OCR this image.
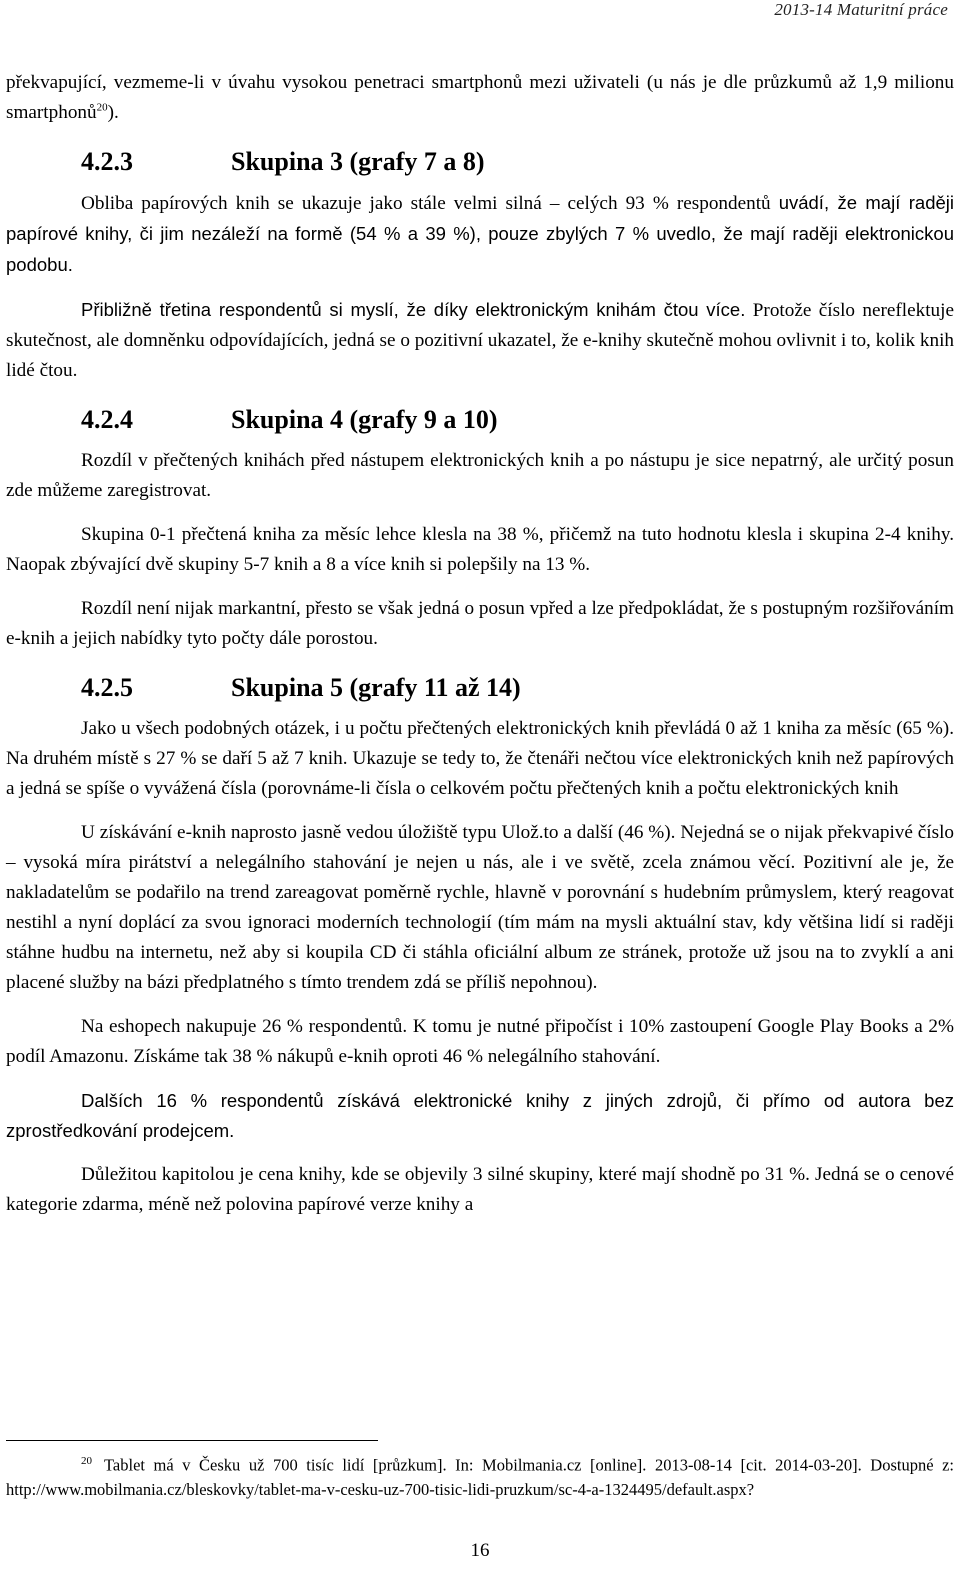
2013-14 Maturitní práce

překvapující, vezmeme-li v úvahu vysokou penetraci smartphonů mezi uživateli (u nás je dle průzkumů až 1,9 milionu smartphonů$^{20}$).

4.2.3	Skupina 3 (grafy 7 a 8)

Obliba papírových knih se ukazuje jako stále velmi silná – celých 93 % respondentů uvádí, že mají raději papírové knihy, či jim nezáleží na formě (54 % a 39 %), pouze zbylých 7 % uvedlo, že mají raději elektronickou podobu.

Přibližně třetina respondentů si myslí, že díky elektronickým knihám čtou více. Protože číslo nereflektuje skutečnost, ale domněnku odpovídajících, jedná se o pozitivní ukazatel, že e-knihy skutečně mohou ovlivnit i to, kolik knih lidé čtou.

4.2.4	Skupina 4 (grafy 9 a 10)

Rozdíl v přečtených knihách před nástupem elektronických knih a po nástupu je sice nepatrný, ale určitý posun zde můžeme zaregistrovat.

Skupina 0-1 přečtená kniha za měsíc lehce klesla na 38 %, přičemž na tuto hodnotu klesla i skupina 2-4 knihy. Naopak zbývající dvě skupiny 5-7 knih a 8 a více knih si polepšily na 13 %.

Rozdíl není nijak markantní, přesto se však jedná o posun vpřed a lze předpokládat, že s postupným rozšiřováním e-knih a jejich nabídky tyto počty dále porostou.

4.2.5	Skupina 5 (grafy 11 až 14)

Jako u všech podobných otázek, i u počtu přečtených elektronických knih převládá 0 až 1 kniha za měsíc (65 %). Na druhém místě s 27 % se daří 5 až 7 knih. Ukazuje se tedy to, že čtenáři nečtou více elektronických knih než papírových a jedná se spíše o vyvážená čísla (porovnáme-li čísla o celkovém počtu přečtených knih a počtu elektronických knih

U získávání e-knih naprosto jasně vedou úložiště typu Ulož.to a další (46 %). Nejedná se o nijak překvapivé číslo – vysoká míra pirátství a nelegálního stahování je nejen u nás, ale i ve světě, zcela známou věcí. Pozitivní ale je, že nakladatelům se podařilo na trend zareagovat poměrně rychle, hlavně v porovnání s hudebním průmyslem, který reagovat nestihl a nyní doplácí za svou ignoraci moderních technologií (tím mám na mysli aktuální stav, kdy většina lidí si raději stáhne hudbu na internetu, než aby si koupila CD či stáhla oficiální album ze stránek, protože už jsou na to zvyklí a ani placené služby na bázi předplatného s tímto trendem zdá se příliš nepohnou).

Na eshopech nakupuje 26 % respondentů. K tomu je nutné připočíst i 10% zastoupení Google Play Books a 2% podíl Amazonu. Získáme tak 38 % nákupů e-knih oproti 46 % nelegálního stahování.

Dalších 16 % respondentů získává elektronické knihy z jiných zdrojů, či přímo od autora bez zprostředkování prodejcem.

Důležitou kapitolou je cena knihy, kde se objevily 3 silné skupiny, které mají shodně po 31 %. Jedná se o cenové kategorie zdarma, méně než polovina papírové verze knihy a

$^{20}$ Tablet má v Česku už 700 tisíc lidí [průzkum]. In: Mobilmania.cz [online]. 2013-08-14 [cit. 2014-03-20]. Dostupné z: http://www.mobilmania.cz/bleskovky/tablet-ma-v-cesku-uz-700-tisic-lidi-pruzkum/sc-4-a-1324495/default.aspx?
16
